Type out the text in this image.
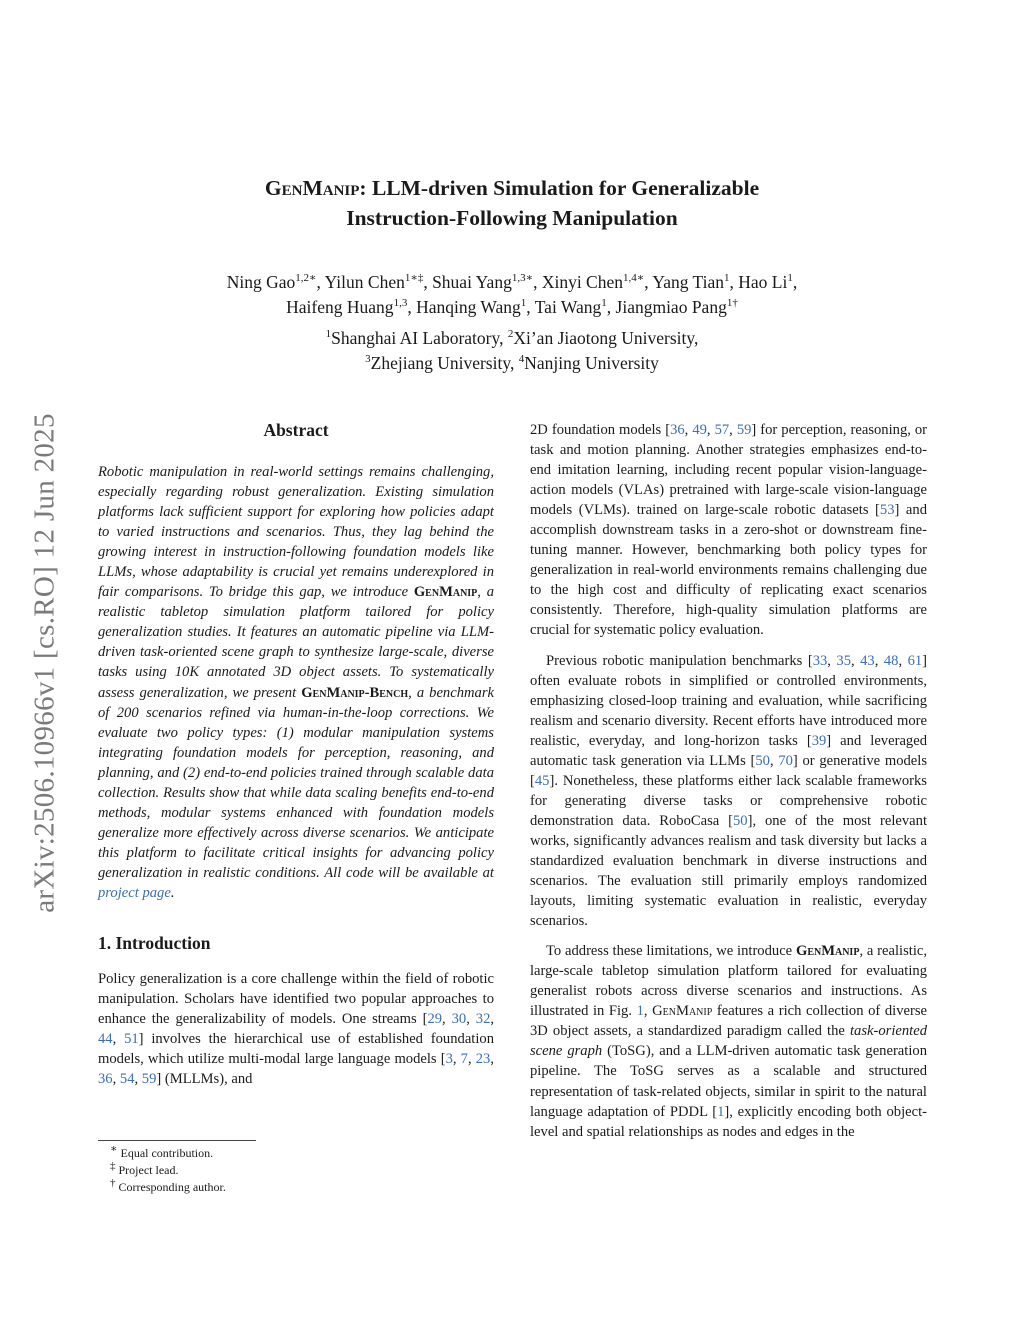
arXiv:2506.10966v1 [cs.RO] 12 Jun 2025
GenManip: LLM-driven Simulation for Generalizable
Instruction-Following Manipulation
Ning Gao$^{1,2∗}$, Yilun Chen$^{1∗\ddagger}$, Shuai Yang$^{1,3∗}$, Xinyi Chen$^{1,4∗}$, Yang Tian$^1$, Hao Li$^1$,
Haifeng Huang$^{1,3}$, Hanqing Wang$^1$, Tai Wang$^1$, Jiangmiao Pang$^{1\dagger}$
$^1$Shanghai AI Laboratory, $^2$Xi’an Jiaotong University,
$^3$Zhejiang University, $^4$Nanjing University
Abstract

Robotic manipulation in real-world settings remains challenging, especially regarding robust generalization. Existing simulation platforms lack sufficient support for exploring how policies adapt to varied instructions and scenarios. Thus, they lag behind the growing interest in instruction-following foundation models like LLMs, whose adaptability is crucial yet remains underexplored in fair comparisons. To bridge this gap, we introduce GenManip, a realistic tabletop simulation platform tailored for policy generalization studies. It features an automatic pipeline via LLM-driven task-oriented scene graph to synthesize large-scale, diverse tasks using 10K annotated 3D object assets. To systematically assess generalization, we present GenManip-Bench, a benchmark of 200 scenarios refined via human-in-the-loop corrections. We evaluate two policy types: (1) modular manipulation systems integrating foundation models for perception, reasoning, and planning, and (2) end-to-end policies trained through scalable data collection. Results show that while data scaling benefits end-to-end methods, modular systems enhanced with foundation models generalize more effectively across diverse scenarios. We anticipate this platform to facilitate critical insights for advancing policy generalization in realistic conditions. All code will be available at project page.

1. Introduction

Policy generalization is a core challenge within the field of robotic manipulation. Scholars have identified two popular approaches to enhance the generalizability of models. One streams [29, 30, 32, 44, 51] involves the hierarchical use of established foundation models, which utilize multi-modal large language models [3, 7, 23, 36, 54, 59] (MLLMs), and

2D foundation models [36, 49, 57, 59] for perception, reasoning, or task and motion planning. Another strategies emphasizes end-to-end imitation learning, including recent popular vision-language-action models (VLAs) pretrained with large-scale vision-language models (VLMs). trained on large-scale robotic datasets [53] and accomplish downstream tasks in a zero-shot or downstream fine-tuning manner. However, benchmarking both policy types for generalization in real-world environments remains challenging due to the high cost and difficulty of replicating exact scenarios consistently. Therefore, high-quality simulation platforms are crucial for systematic policy evaluation.

Previous robotic manipulation benchmarks [33, 35, 43, 48, 61] often evaluate robots in simplified or controlled environments, emphasizing closed-loop training and evaluation, while sacrificing realism and scenario diversity. Recent efforts have introduced more realistic, everyday, and long-horizon tasks [39] and leveraged automatic task generation via LLMs [50, 70] or generative models [45]. Nonetheless, these platforms either lack scalable frameworks for generating diverse tasks or comprehensive robotic demonstration data. RoboCasa [50], one of the most relevant works, significantly advances realism and task diversity but lacks a standardized evaluation benchmark in diverse instructions and scenarios. The evaluation still primarily employs randomized layouts, limiting systematic evaluation in realistic, everyday scenarios.

To address these limitations, we introduce GenManip, a realistic, large-scale tabletop simulation platform tailored for evaluating generalist robots across diverse scenarios and instructions. As illustrated in Fig. 1, GenManip features a rich collection of diverse 3D object assets, a standardized paradigm called the task-oriented scene graph (ToSG), and a LLM-driven automatic task generation pipeline. The ToSG serves as a scalable and structured representation of task-related objects, similar in spirit to the natural language adaptation of PDDL [1], explicitly encoding both object-level and spatial relationships as nodes and edges in the

∗ Equal contribution.
‡ Project lead.
† Corresponding author.
